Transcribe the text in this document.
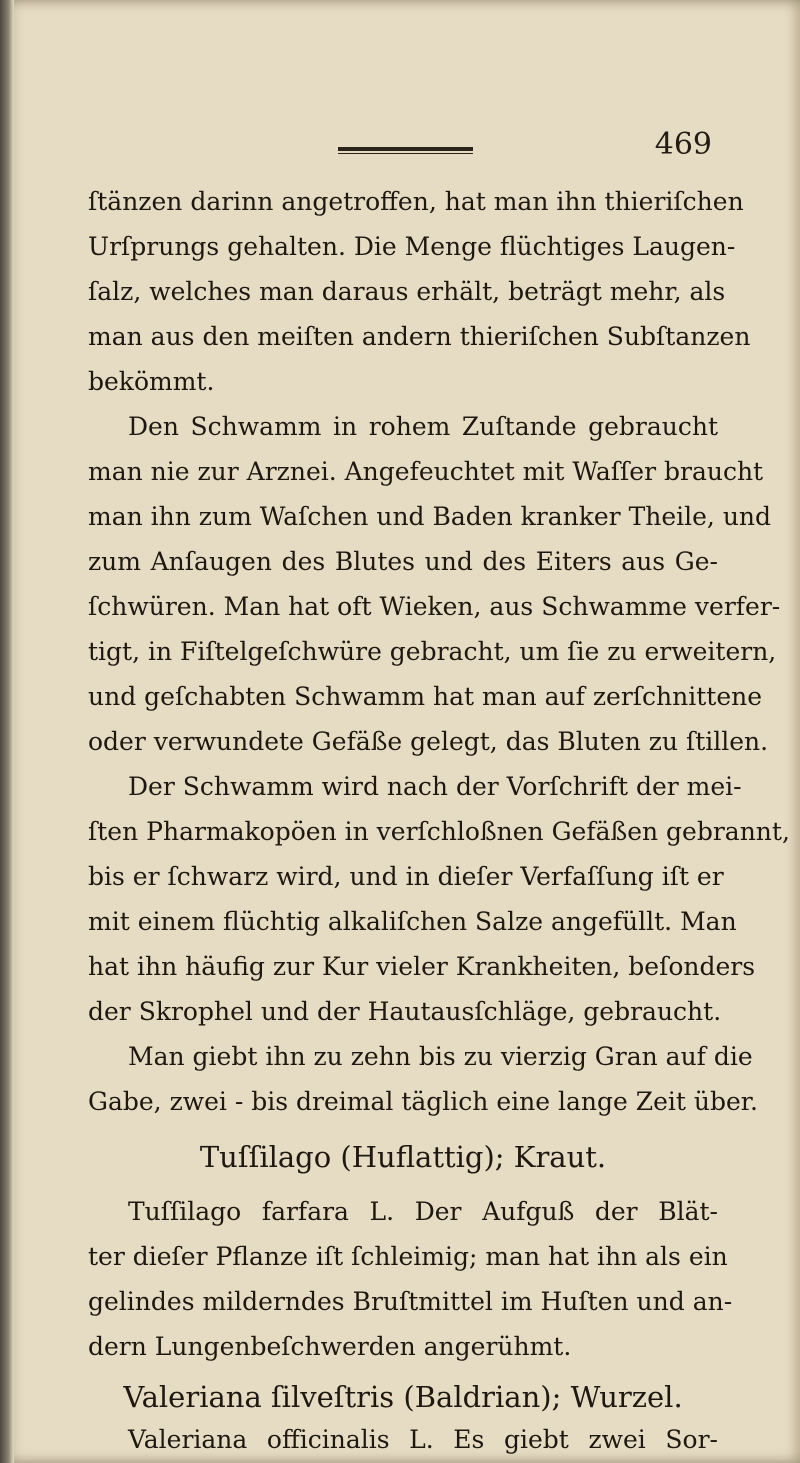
469
ſtänzen darinn angetroffen, hat man ihn thieriſchen
Urſprungs gehalten. Die Menge flüchtiges Laugen-
ſalz, welches man daraus erhält, beträgt mehr, als
man aus den meiſten andern thieriſchen Subſtanzen
bekömmt.
Den Schwamm in rohem Zuſtande gebraucht
man nie zur Arznei. Angefeuchtet mit Waſſer braucht
man ihn zum Waſchen und Baden kranker Theile, und
zum Anſaugen des Blutes und des Eiters aus Ge-
ſchwüren. Man hat oft Wieken, aus Schwamme verfer-
tigt, in Fiſtelgeſchwüre gebracht, um ſie zu erweitern,
und geſchabten Schwamm hat man auf zerſchnittene
oder verwundete Gefäße gelegt, das Bluten zu ſtillen.
Der Schwamm wird nach der Vorſchrift der mei-
ſten Pharmakopöen in verſchloßnen Gefäßen gebrannt,
bis er ſchwarz wird, und in dieſer Verfaſſung iſt er
mit einem flüchtig alkaliſchen Salze angefüllt. Man
hat ihn häufig zur Kur vieler Krankheiten, beſonders
der Skrophel und der Hautausſchläge, gebraucht.
Man giebt ihn zu zehn bis zu vierzig Gran auf die
Gabe, zwei - bis dreimal täglich eine lange Zeit über.
Tuſſilago (Huflattig); Kraut.
Tuſſilago farfara L. Der Aufguß der Blät-
ter dieſer Pflanze iſt ſchleimig; man hat ihn als ein
gelindes milderndes Bruſtmittel im Huſten und an-
dern Lungenbeſchwerden angerühmt.
Valeriana ſilveſtris (Baldrian); Wurzel.
Valeriana officinalis L. Es giebt zwei Sor-
